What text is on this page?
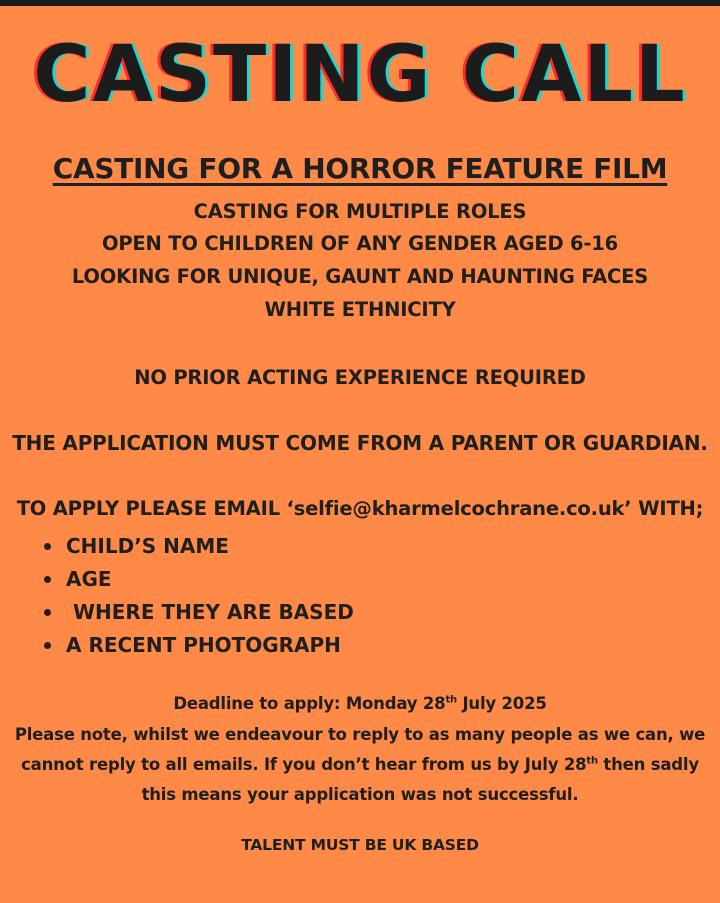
CASTING CALL
CASTING FOR A HORROR FEATURE FILM
CASTING FOR MULTIPLE ROLES
OPEN TO CHILDREN OF ANY GENDER AGED 6-16
LOOKING FOR UNIQUE, GAUNT AND HAUNTING FACES
WHITE ETHNICITY
NO PRIOR ACTING EXPERIENCE REQUIRED
THE APPLICATION MUST COME FROM A PARENT OR GUARDIAN.
TO APPLY PLEASE EMAIL ‘selfie@kharmelcochrane.co.uk’ WITH;
CHILD’S NAME
AGE
WHERE THEY ARE BASED
A RECENT PHOTOGRAPH
Deadline to apply: Monday 28th July 2025
Please note, whilst we endeavour to reply to as many people as we can, we
cannot reply to all emails. If you don’t hear from us by July 28th then sadly
this means your application was not successful.
TALENT MUST BE UK BASED
